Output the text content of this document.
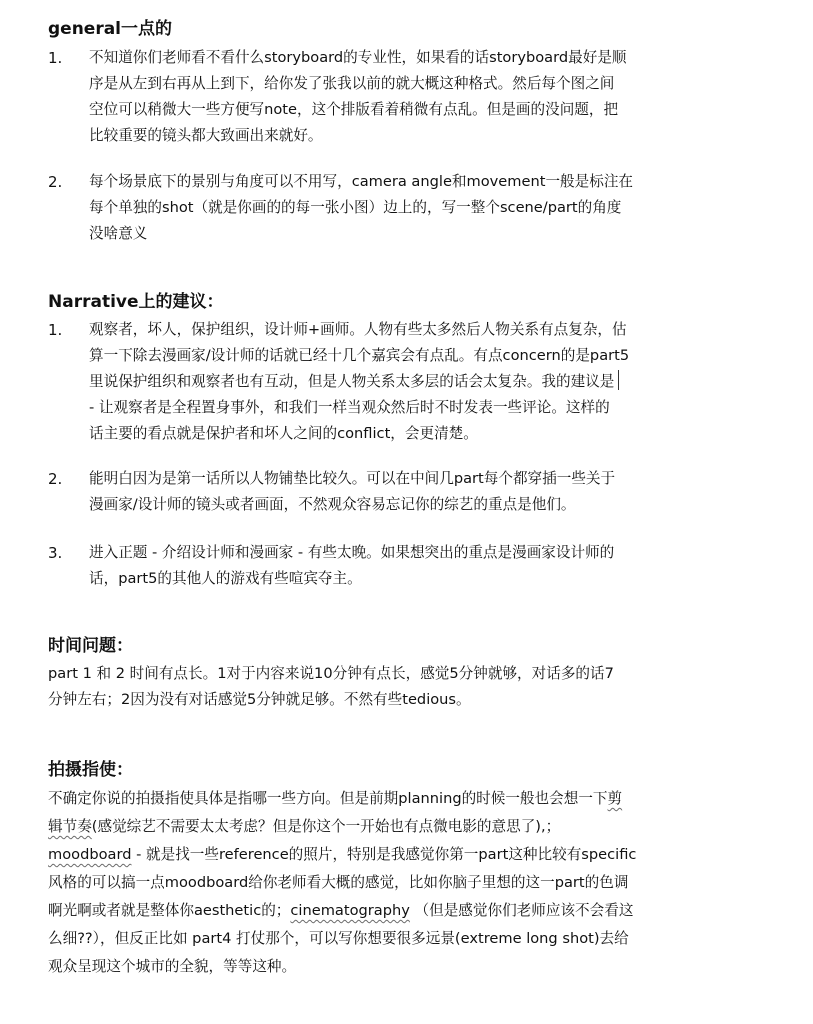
general一点的
1. 不知道你们老师看不看什么storyboard的专业性，如果看的话storyboard最好是顺
序是从左到右再从上到下，给你发了张我以前的就大概这种格式。然后每个图之间
空位可以稍微大一些方便写note，这个排版看着稍微有点乱。但是画的没问题，把
比较重要的镜头都大致画出来就好。
2. 每个场景底下的景别与角度可以不用写，camera angle和movement一般是标注在
每个单独的shot（就是你画的的每一张小图）边上的，写一整个scene/part的角度
没啥意义
Narrative上的建议：
1. 观察者，坏人，保护组织，设计师+画师。人物有些太多然后人物关系有点复杂，估
算一下除去漫画家/设计师的话就已经十几个嘉宾会有点乱。有点concern的是part5
里说保护组织和观察者也有互动，但是人物关系太多层的话会太复杂。我的建议是
- 让观察者是全程置身事外，和我们一样当观众然后时不时发表一些评论。这样的
话主要的看点就是保护者和坏人之间的conflict，会更清楚。
2. 能明白因为是第一话所以人物铺垫比较久。可以在中间几part每个都穿插一些关于
漫画家/设计师的镜头或者画面，不然观众容易忘记你的综艺的重点是他们。
3. 进入正题 - 介绍设计师和漫画家 - 有些太晚。如果想突出的重点是漫画家设计师的
话，part5的其他人的游戏有些喧宾夺主。
时间问题：
part 1 和 2 时间有点长。1对于内容来说10分钟有点长，感觉5分钟就够，对话多的话7
分钟左右；2因为没有对话感觉5分钟就足够。不然有些tedious。
拍摄指使：
不确定你说的拍摄指使具体是指哪一些方向。但是前期planning的时候一般也会想一下剪
辑节奏(感觉综艺不需要太太考虑？但是你这个一开始也有点微电影的意思了),；
moodboard - 就是找一些reference的照片，特别是我感觉你第一part这种比较有specific
风格的可以搞一点moodboard给你老师看大概的感觉，比如你脑子里想的这一part的色调
啊光啊或者就是整体你aesthetic的；cinematography （但是感觉你们老师应该不会看这
么细??），但反正比如 part4 打仗那个，可以写你想要很多远景(extreme long shot)去给
观众呈现这个城市的全貌，等等这种。
